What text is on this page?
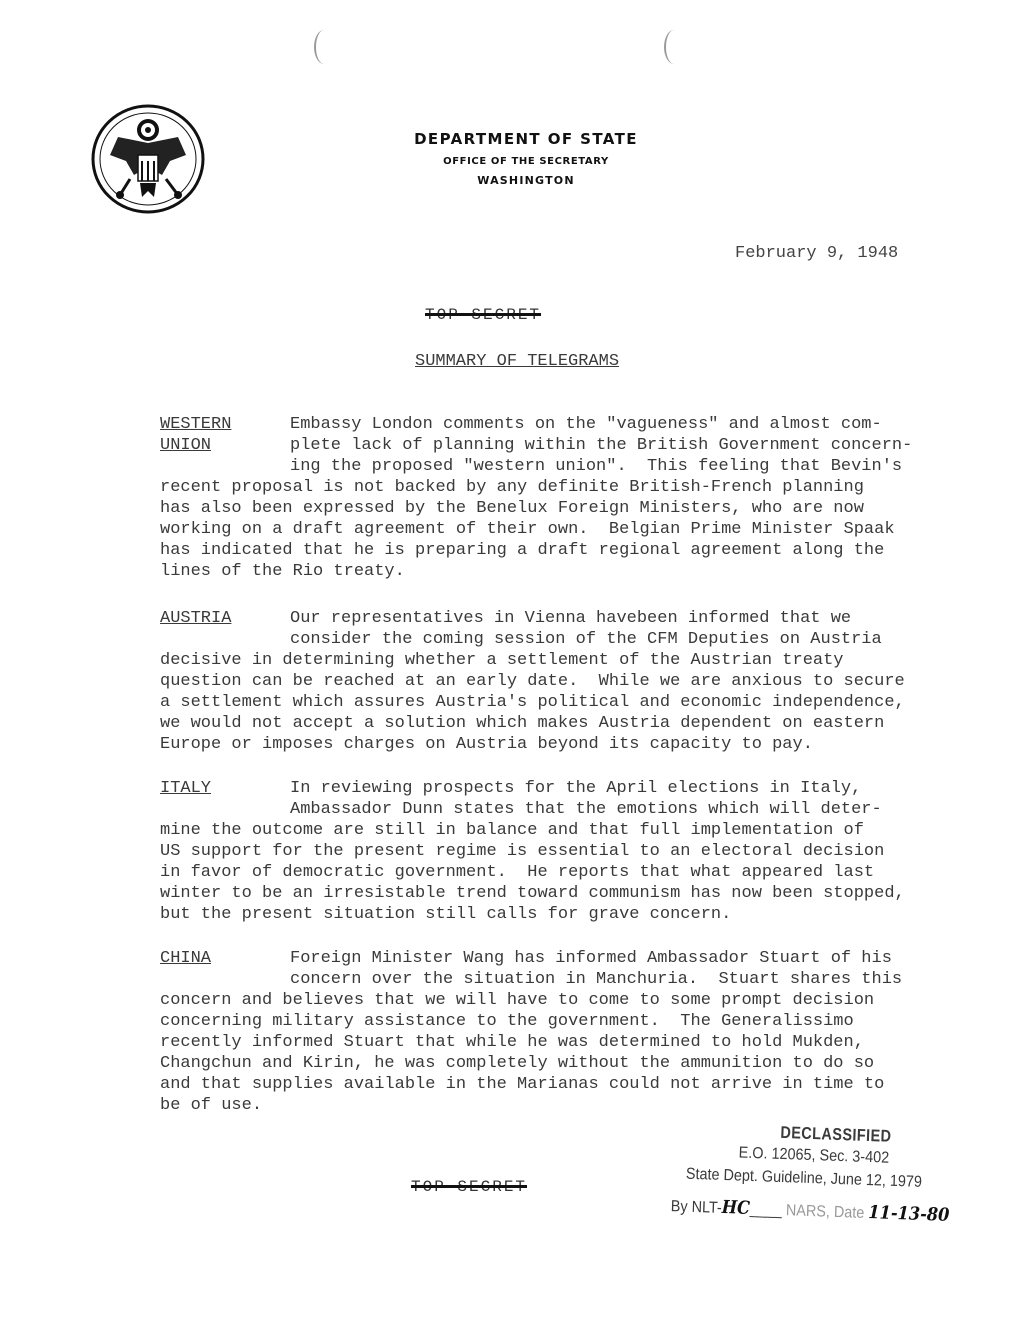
DEPARTMENT OF STATE
OFFICE OF THE SECRETARY
WASHINGTON
February 9, 1948
TOP SECRET
SUMMARY OF TELEGRAMS
WESTERN
UNION
Embassy London comments on the "vagueness" and almost com-
plete lack of planning within the British Government concern-
ing the proposed "western union".  This feeling that Bevin's
recent proposal is not backed by any definite British-French planning
has also been expressed by the Benelux Foreign Ministers, who are now
working on a draft agreement of their own.  Belgian Prime Minister Spaak
has indicated that he is preparing a draft regional agreement along the
lines of the Rio treaty.
AUSTRIA	Our representatives in Vienna havebeen informed that we
consider the coming session of the CFM Deputies on Austria
decisive in determining whether a settlement of the Austrian treaty
question can be reached at an early date.  While we are anxious to secure
a settlement which assures Austria's political and economic independence,
we would not accept a solution which makes Austria dependent on eastern
Europe or imposes charges on Austria beyond its capacity to pay.
ITALY	In reviewing prospects for the April elections in Italy,
Ambassador Dunn states that the emotions which will deter-
mine the outcome are still in balance and that full implementation of
US support for the present regime is essential to an electoral decision
in favor of democratic government.  He reports that what appeared last
winter to be an irresistable trend toward communism has now been stopped,
but the present situation still calls for grave concern.
CHINA	Foreign Minister Wang has informed Ambassador Stuart of his
concern over the situation in Manchuria.  Stuart shares this
concern and believes that we will have to come to some prompt decision
concerning military assistance to the government.  The Generalissimo
recently informed Stuart that while he was determined to hold Mukden,
Changchun and Kirin, he was completely without the ammunition to do so
and that supplies available in the Marianas could not arrive in time to
be of use.
TOP SECRET
DECLASSIFIED
E.O. 12065, Sec. 3-402
State Dept. Guideline, June 12, 1979
By NLT-HC____ NARS, Date 11-13-80
